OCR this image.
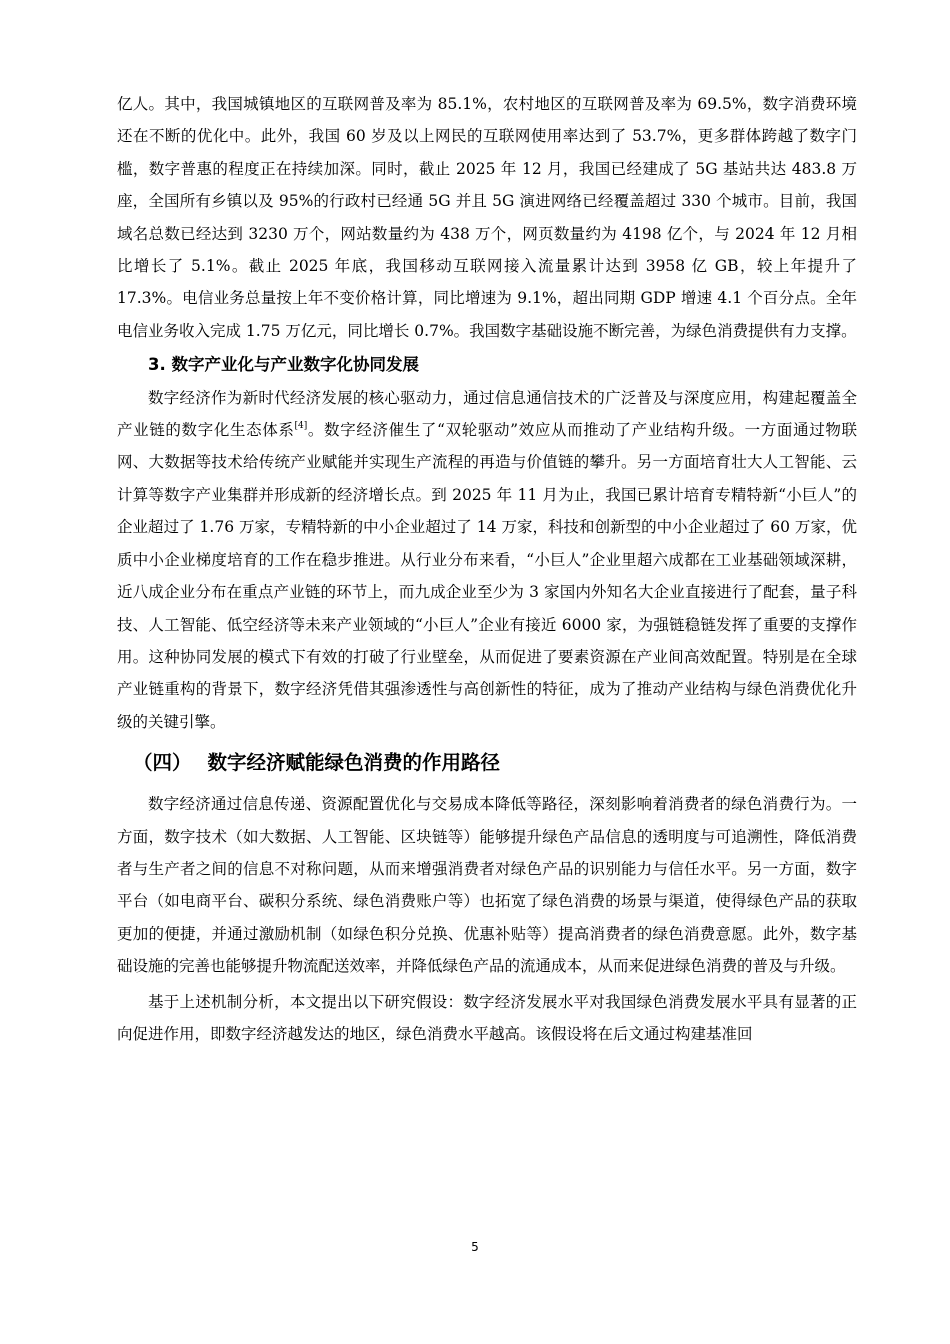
亿人。其中，我国城镇地区的互联网普及率为 85.1%，农村地区的互联网普及率为 69.5%，数字消费环境还在不断的优化中。此外，我国 60 岁及以上网民的互联网使用率达到了 53.7%，更多群体跨越了数字门槛，数字普惠的程度正在持续加深。同时，截止 2025 年 12 月，我国已经建成了 5G 基站共达 483.8 万座，全国所有乡镇以及 95%的行政村已经通 5G 并且 5G 演进网络已经覆盖超过 330 个城市。目前，我国域名总数已经达到 3230 万个，网站数量约为 438 万个，网页数量约为 4198 亿个，与 2024 年 12 月相比增长了 5.1%。截止 2025 年底，我国移动互联网接入流量累计达到 3958 亿 GB，较上年提升了 17.3%。电信业务总量按上年不变价格计算，同比增速为 9.1%，超出同期 GDP 增速 4.1 个百分点。全年电信业务收入完成 1.75 万亿元，同比增长 0.7%。我国数字基础设施不断完善，为绿色消费提供有力支撑。

3. 数字产业化与产业数字化协同发展

数字经济作为新时代经济发展的核心驱动力，通过信息通信技术的广泛普及与深度应用，构建起覆盖全产业链的数字化生态体系[4]。数字经济催生了“双轮驱动”效应从而推动了产业结构升级。一方面通过物联网、大数据等技术给传统产业赋能并实现生产流程的再造与价值链的攀升。另一方面培育壮大人工智能、云计算等数字产业集群并形成新的经济增长点。到 2025 年 11 月为止，我国已累计培育专精特新“小巨人”的企业超过了 1.76 万家，专精特新的中小企业超过了 14 万家，科技和创新型的中小企业超过了 60 万家，优质中小企业梯度培育的工作在稳步推进。从行业分布来看，“小巨人”企业里超六成都在工业基础领域深耕，近八成企业分布在重点产业链的环节上，而九成企业至少为 3 家国内外知名大企业直接进行了配套，量子科技、人工智能、低空经济等未来产业领域的“小巨人”企业有接近 6000 家，为强链稳链发挥了重要的支撑作用。这种协同发展的模式下有效的打破了行业壁垒，从而促进了要素资源在产业间高效配置。特别是在全球产业链重构的背景下，数字经济凭借其强渗透性与高创新性的特征，成为了推动产业结构与绿色消费优化升级的关键引擎。

（四） 数字经济赋能绿色消费的作用路径

数字经济通过信息传递、资源配置优化与交易成本降低等路径，深刻影响着消费者的绿色消费行为。一方面，数字技术（如大数据、人工智能、区块链等）能够提升绿色产品信息的透明度与可追溯性，降低消费者与生产者之间的信息不对称问题，从而来增强消费者对绿色产品的识别能力与信任水平。另一方面，数字平台（如电商平台、碳积分系统、绿色消费账户等）也拓宽了绿色消费的场景与渠道，使得绿色产品的获取更加的便捷，并通过激励机制（如绿色积分兑换、优惠补贴等）提高消费者的绿色消费意愿。此外，数字基础设施的完善也能够提升物流配送效率，并降低绿色产品的流通成本，从而来促进绿色消费的普及与升级。

基于上述机制分析，本文提出以下研究假设：数字经济发展水平对我国绿色消费发展水平具有显著的正向促进作用，即数字经济越发达的地区，绿色消费水平越高。该假设将在后文通过构建基准回

5
